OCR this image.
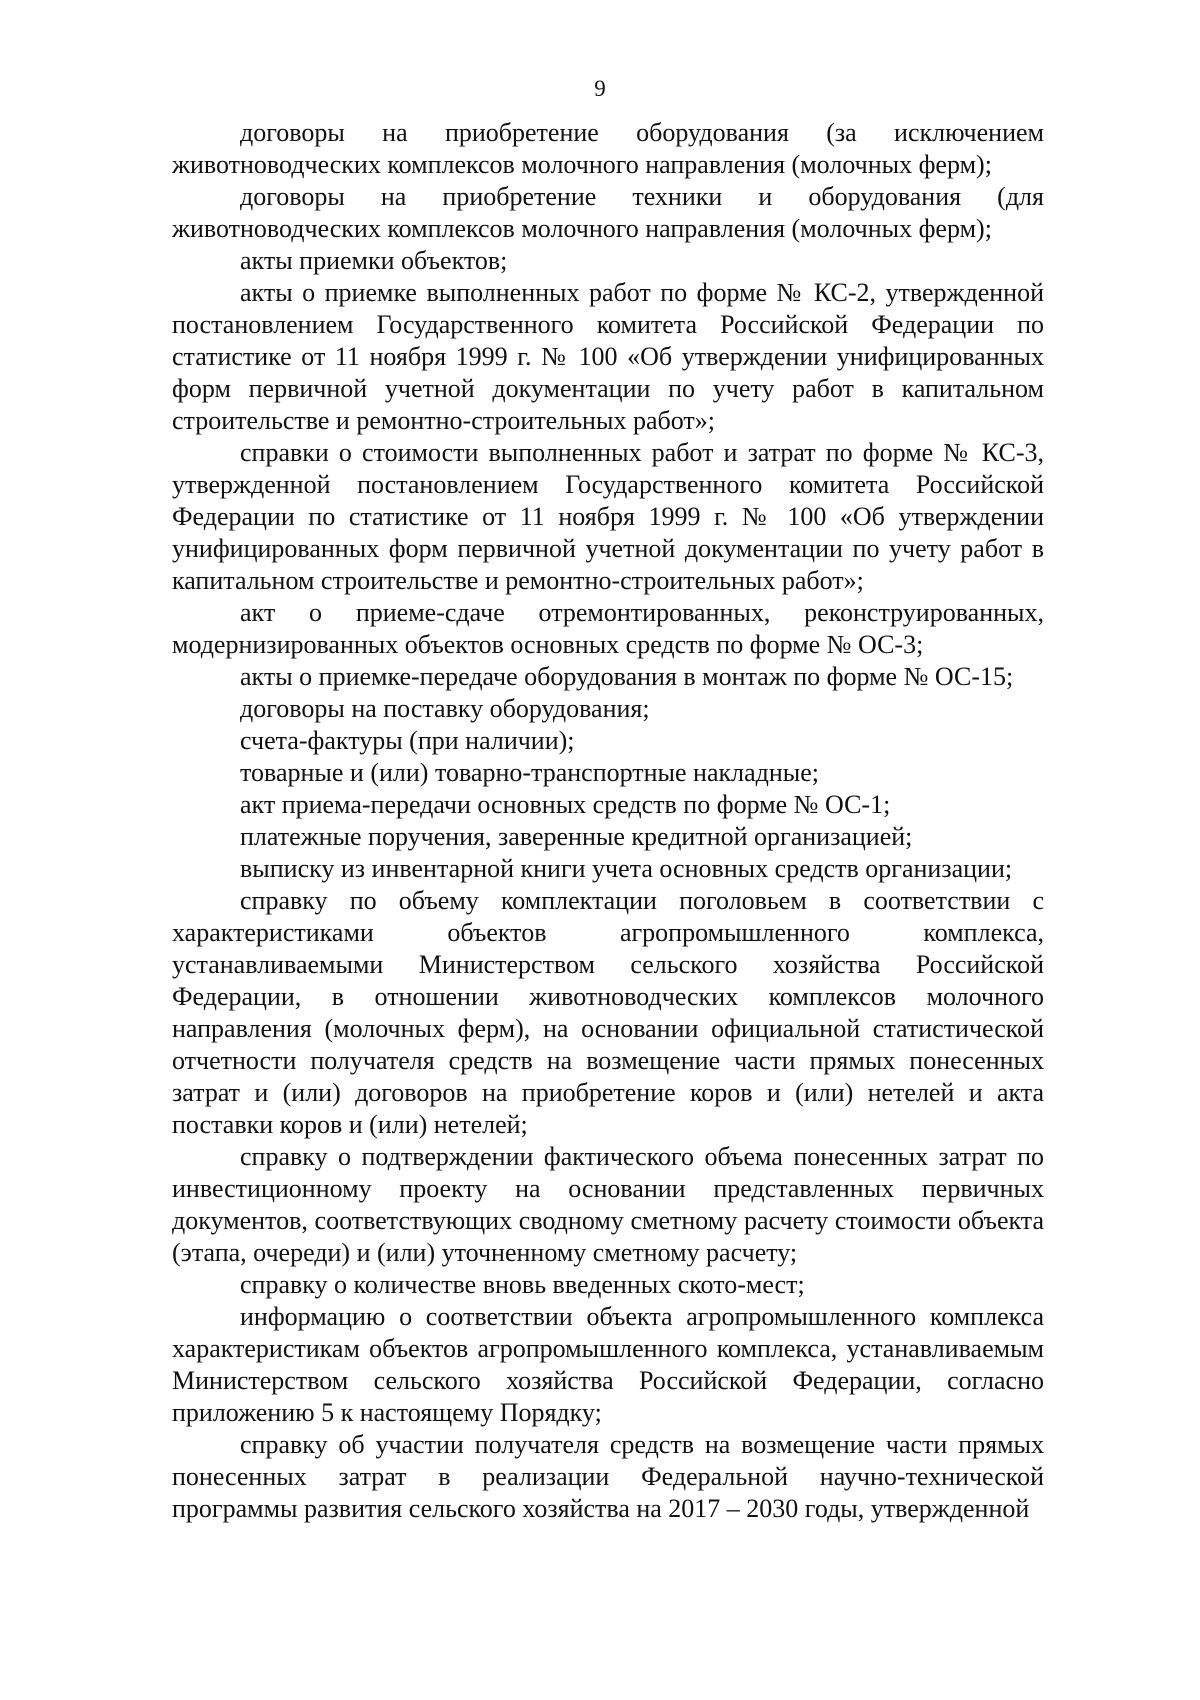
9

договоры на приобретение оборудования (за исключением животноводческих комплексов молочного направления (молочных ферм);

договоры на приобретение техники и оборудования (для животноводческих комплексов молочного направления (молочных ферм);

акты приемки объектов;

акты о приемке выполненных работ по форме № КС-2, утвержденной постановлением Государственного комитета Российской Федерации по статистике от 11 ноября 1999 г. № 100 «Об утверждении унифицированных форм первичной учетной документации по учету работ в капитальном строительстве и ремонтно-строительных работ»;

справки о стоимости выполненных работ и затрат по форме № КС-3, утвержденной постановлением Государственного комитета Российской Федерации по статистике от 11 ноября 1999 г. № 100 «Об утверждении унифицированных форм первичной учетной документации по учету работ в капитальном строительстве и ремонтно-строительных работ»;

акт о приеме-сдаче отремонтированных, реконструированных, модернизированных объектов основных средств по форме № ОС-3;

акты о приемке-передаче оборудования в монтаж по форме № ОС-15;

договоры на поставку оборудования;

счета-фактуры (при наличии);

товарные и (или) товарно-транспортные накладные;

акт приема-передачи основных средств по форме № ОС-1;

платежные поручения, заверенные кредитной организацией;

выписку из инвентарной книги учета основных средств организации;

справку по объему комплектации поголовьем в соответствии с характеристиками объектов агропромышленного комплекса, устанавливаемыми Министерством сельского хозяйства Российской Федерации, в отношении животноводческих комплексов молочного направления (молочных ферм), на основании официальной статистической отчетности получателя средств на возмещение части прямых понесенных затрат и (или) договоров на приобретение коров и (или) нетелей и акта поставки коров и (или) нетелей;

справку о подтверждении фактического объема понесенных затрат по инвестиционному проекту на основании представленных первичных документов, соответствующих сводному сметному расчету стоимости объекта (этапа, очереди) и (или) уточненному сметному расчету;

справку о количестве вновь введенных ското-мест;

информацию о соответствии объекта агропромышленного комплекса характеристикам объектов агропромышленного комплекса, устанавливаемым Министерством сельского хозяйства Российской Федерации, согласно приложению 5 к настоящему Порядку;

справку об участии получателя средств на возмещение части прямых понесенных затрат в реализации Федеральной научно-технической программы развития сельского хозяйства на 2017 – 2030 годы, утвержденной
